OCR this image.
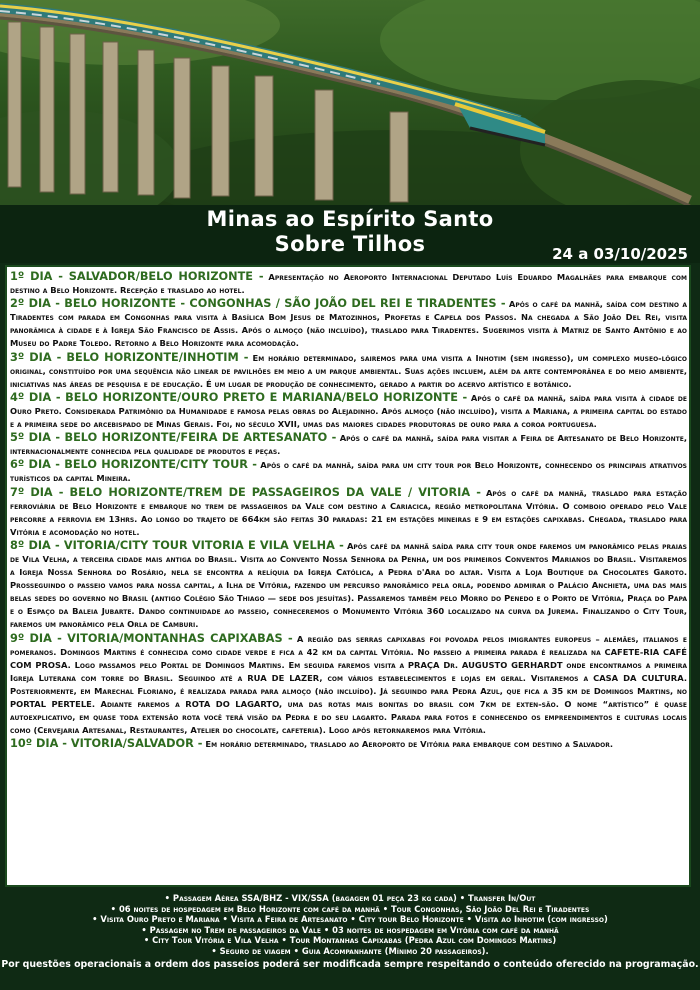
Minas ao Espírito Santo
Sobre Tilhos	24 a 03/10/2025

1º DIA - SALVADOR/BELO HORIZONTE - Apresentação no Aeroporto Internacional Deputado Luís Eduardo Magalhães para embarque com destino a Belo Horizonte. Recepção e traslado ao hotel.

2º DIA - BELO HORIZONTE - CONGONHAS / SÃO JOÃO DEL REI E TIRADENTES - Após o café da manhã, saída com destino a Tiradentes com parada em Congonhas para visita à Basílica Bom Jesus de Matozinhos, Profetas e Capela dos Passos. Na chegada a São João Del Rei, visita panorâmica à cidade e à Igreja São Francisco de Assis. Após o almoço (não incluído), traslado para Tiradentes. Sugerimos visita à Matriz de Santo Antônio e ao Museu do Padre Toledo. Retorno a Belo Horizonte para acomodação.

3º DIA - BELO HORIZONTE/INHOTIM - Em horário determinado, sairemos para uma visita a Inhotim (sem ingresso), um complexo museo-lógico original, constituído por uma sequência não linear de pavilhões em meio a um parque ambiental. Suas ações incluem, além da arte contemporânea e do meio ambiente, iniciativas nas áreas de pesquisa e de educação. É um lugar de produção de conhecimento, gerado a partir do acervo artístico e botânico.

4º DIA - BELO HORIZONTE/OURO PRETO E MARIANA/BELO HORIZONTE - Após o café da manhã, saída para visita à cidade de Ouro Preto. Considerada Patrimônio da Humanidade e famosa pelas obras do Alejadinho. Após almoço (não incluído), visita a Mariana, a primeira capital do estado e a primeira sede do arcebispado de Minas Gerais. Foi, no século XVII, umas das maiores cidades produtoras de ouro para a coroa portuguesa.

5º DIA - BELO HORIZONTE/FEIRA DE ARTESANATO - Após o café da manhã, saída para visitar a Feira de Artesanato de Belo Horizonte, internacionalmente conhecida pela qualidade de produtos e peças.

6º DIA - BELO HORIZONTE/CITY TOUR - Após o café da manhã, saída para um city tour por Belo Horizonte, conhecendo os principais atrativos turísticos da capital Mineira.

7º DIA - BELO HORIZONTE/TREM DE PASSAGEIROS DA VALE / VITORIA - Após o café da manhã, traslado para estação ferroviária de Belo Horizonte e embarque no trem de passageiros da Vale com destino a Cariacica, região metropolitana Vitória. O comboio operado pelo Vale percorre a ferrovia em 13hrs. Ao longo do trajeto de 664km são feitas 30 paradas: 21 em estações mineiras e 9 em estações capixabas. Chegada, traslado para Vitória e acomodação no hotel.

8º DIA - VITORIA/CITY TOUR VITORIA E VILA VELHA - Após café da manhã saída para city tour onde faremos um panorâmico pelas praias de Vila Velha, a terceira cidade mais antiga do Brasil. Visita ao Convento Nossa Senhora da Penha, um dos primeiros Conventos Marianos do Brasil. Visitaremos a Igreja Nossa Senhora do Rosário, nela se encontra a relíquia da Igreja Católica, a Pedra d'Ara do altar. Visita a Loja Boutique da Chocolates Garoto. Prosseguindo o passeio vamos para nossa capital, a Ilha de Vitória, fazendo um percurso panorâmico pela orla, podendo admirar o Palácio Anchieta, uma das mais belas sedes do governo no Brasil (antigo Colégio São Thiago — sede dos jesuítas). Passaremos também pelo Morro do Penedo e o Porto de Vitória, Praça do Papa e o Espaço da Baleia Jubarte. Dando continuidade ao passeio, conheceremos o Monumento Vitória 360 localizado na curva da Jurema. Finalizando o City Tour, faremos um panorâmico pela Orla de Camburi.

9º DIA - VITORIA/MONTANHAS CAPIXABAS - A região das serras capixabas foi povoada pelos imigrantes europeus – alemães, italianos e pomeranos. Domingos Martins é conhecida como cidade verde e fica a 42 km da capital Vitória. No passeio a primeira parada é realizada na CAFETE-RIA CAFÉ COM PROSA. Logo passamos pelo Portal de Domingos Martins. Em seguida faremos visita a PRAÇA Dr. AUGUSTO GERHARDT onde encontramos a primeira Igreja Luterana com torre do Brasil. Seguindo até a RUA DE LAZER, com vários estabelecimentos e lojas em geral. Visitaremos a CASA DA CULTURA. Posteriormente, em Marechal Floriano, é realizada parada para almoço (não incluído). Já seguindo para Pedra Azul, que fica a 35 km de Domingos Martins, no PORTAL PERTELE. Adiante faremos a ROTA DO LAGARTO, uma das rotas mais bonitas do brasil com 7km de exten-são. O nome “artístico” é quase autoexplicativo, em quase toda extensão rota você terá visão da Pedra e do seu lagarto. Parada para fotos e conhecendo os empreendimentos e culturas locais como (Cervejaria Artesanal, Restaurantes, Atelier do chocolate, cafeteria). Logo após retornaremos para Vitória.

10º DIA - VITORIA/SALVADOR - Em horário determinado, traslado ao Aeroporto de Vitória para embarque com destino a Salvador.

• Passagem Aérea SSA/BHZ - VIX/SSA (bagagem 01 peça 23 kg cada) • Transfer In/Out

• 06 noites de hospedagem em Belo Horizonte com café da manhã • Tour Congonhas, São João Del Rei e Tiradentes

• Visita Ouro Preto e Mariana • Visita a Feira de Artesanato • City tour Belo Horizonte • Visita ao Inhotim (com ingresso)

• Passagem no Trem de passageiros da Vale • 03 noites de hospedagem em Vitória com café da manhã

• City Tour Vitória e Vila Velha • Tour Montanhas Capixabas (Pedra Azul com Domingos Martins)

• Seguro de viagem • Guia Acompanhante (Mínimo 20 passageiros).

Por questões operacionais a ordem dos passeios poderá ser modificada sempre respeitando o conteúdo oferecido na programação.
